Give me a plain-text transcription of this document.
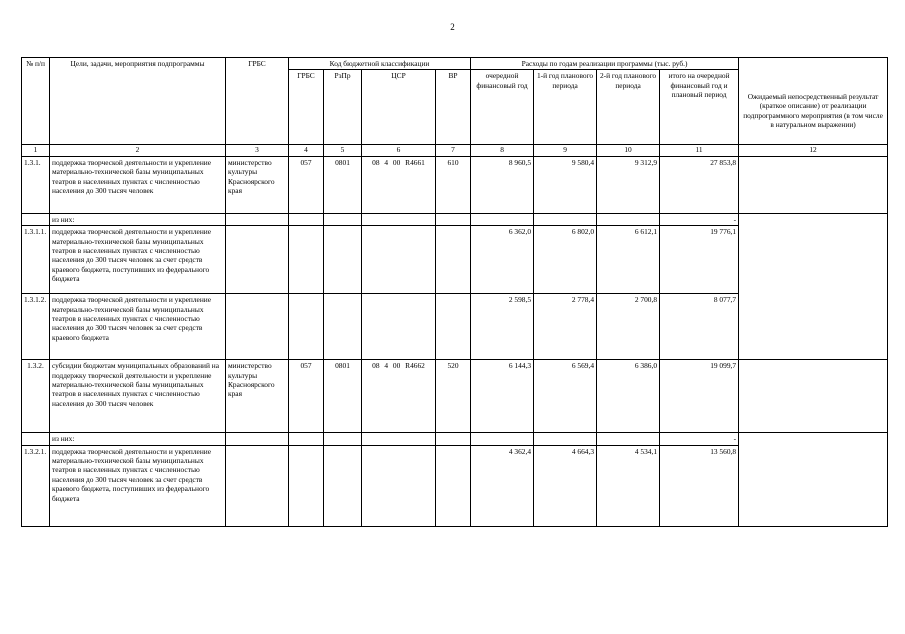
2
№ п/п	Цели, задачи, мероприятия подпрограммы	ГРБС	Код бюджетной классификации				Расходы по годам реализации программы (тыс. руб.)				
			ГРБС	РзПр	ЦСР	ВР	очередной финансовый год	1-й год планового периода	2-й год планового периода	итого на очередной финансовый год и плановый период	Ожидаемый непосредственный результат (краткое описание) от реализации подпрограммного мероприятия (в том числе в натуральном выражении)
1	2	3	4	5	6	7	8	9	10	11	12
1.3.1.	поддержка творческой деятельности и укрепление материально-технической базы муниципальных театров в населенных пунктах с численностью населения до 300 тысяч человек	министерство культуры Красноярского края	057	0801	08 4 00 R4661	610	8 960,5	9 580,4	9 312,9	27 853,8	
	из них:									-	
1.3.1.1.	поддержка творческой деятельности и укрепление материально-технической базы муниципальных театров в населенных пунктах с численностью населения до 300 тысяч человек за счет средств краевого бюджета, поступивших из федерального бюджета						6 362,0	6 802,0	6 612,1	19 776,1	
1.3.1.2.	поддержка творческой деятельности и укрепление материально-технической базы муниципальных театров в населенных пунктах с численностью населения до 300 тысяч человек за счет средств краевого бюджета						2 598,5	2 778,4	2 700,8	8 077,7	
1.3.2.	субсидии бюджетам муниципальных образований на поддержку творческой деятельности и укрепление материально-технической базы муниципальных театров в населенных пунктах с численностью населения до 300 тысяч человек	министерство культуры Красноярского края	057	0801	08 4 00 R4662	520	6 144,3	6 569,4	6 386,0	19 099,7	
	из них:									-	
1.3.2.1.	поддержка творческой деятельности и укрепление материально-технической базы муниципальных театров в населенных пунктах с численностью населения до 300 тысяч человек за счет средств краевого бюджета, поступивших из федерального бюджета						4 362,4	4 664,3	4 534,1	13 560,8	
